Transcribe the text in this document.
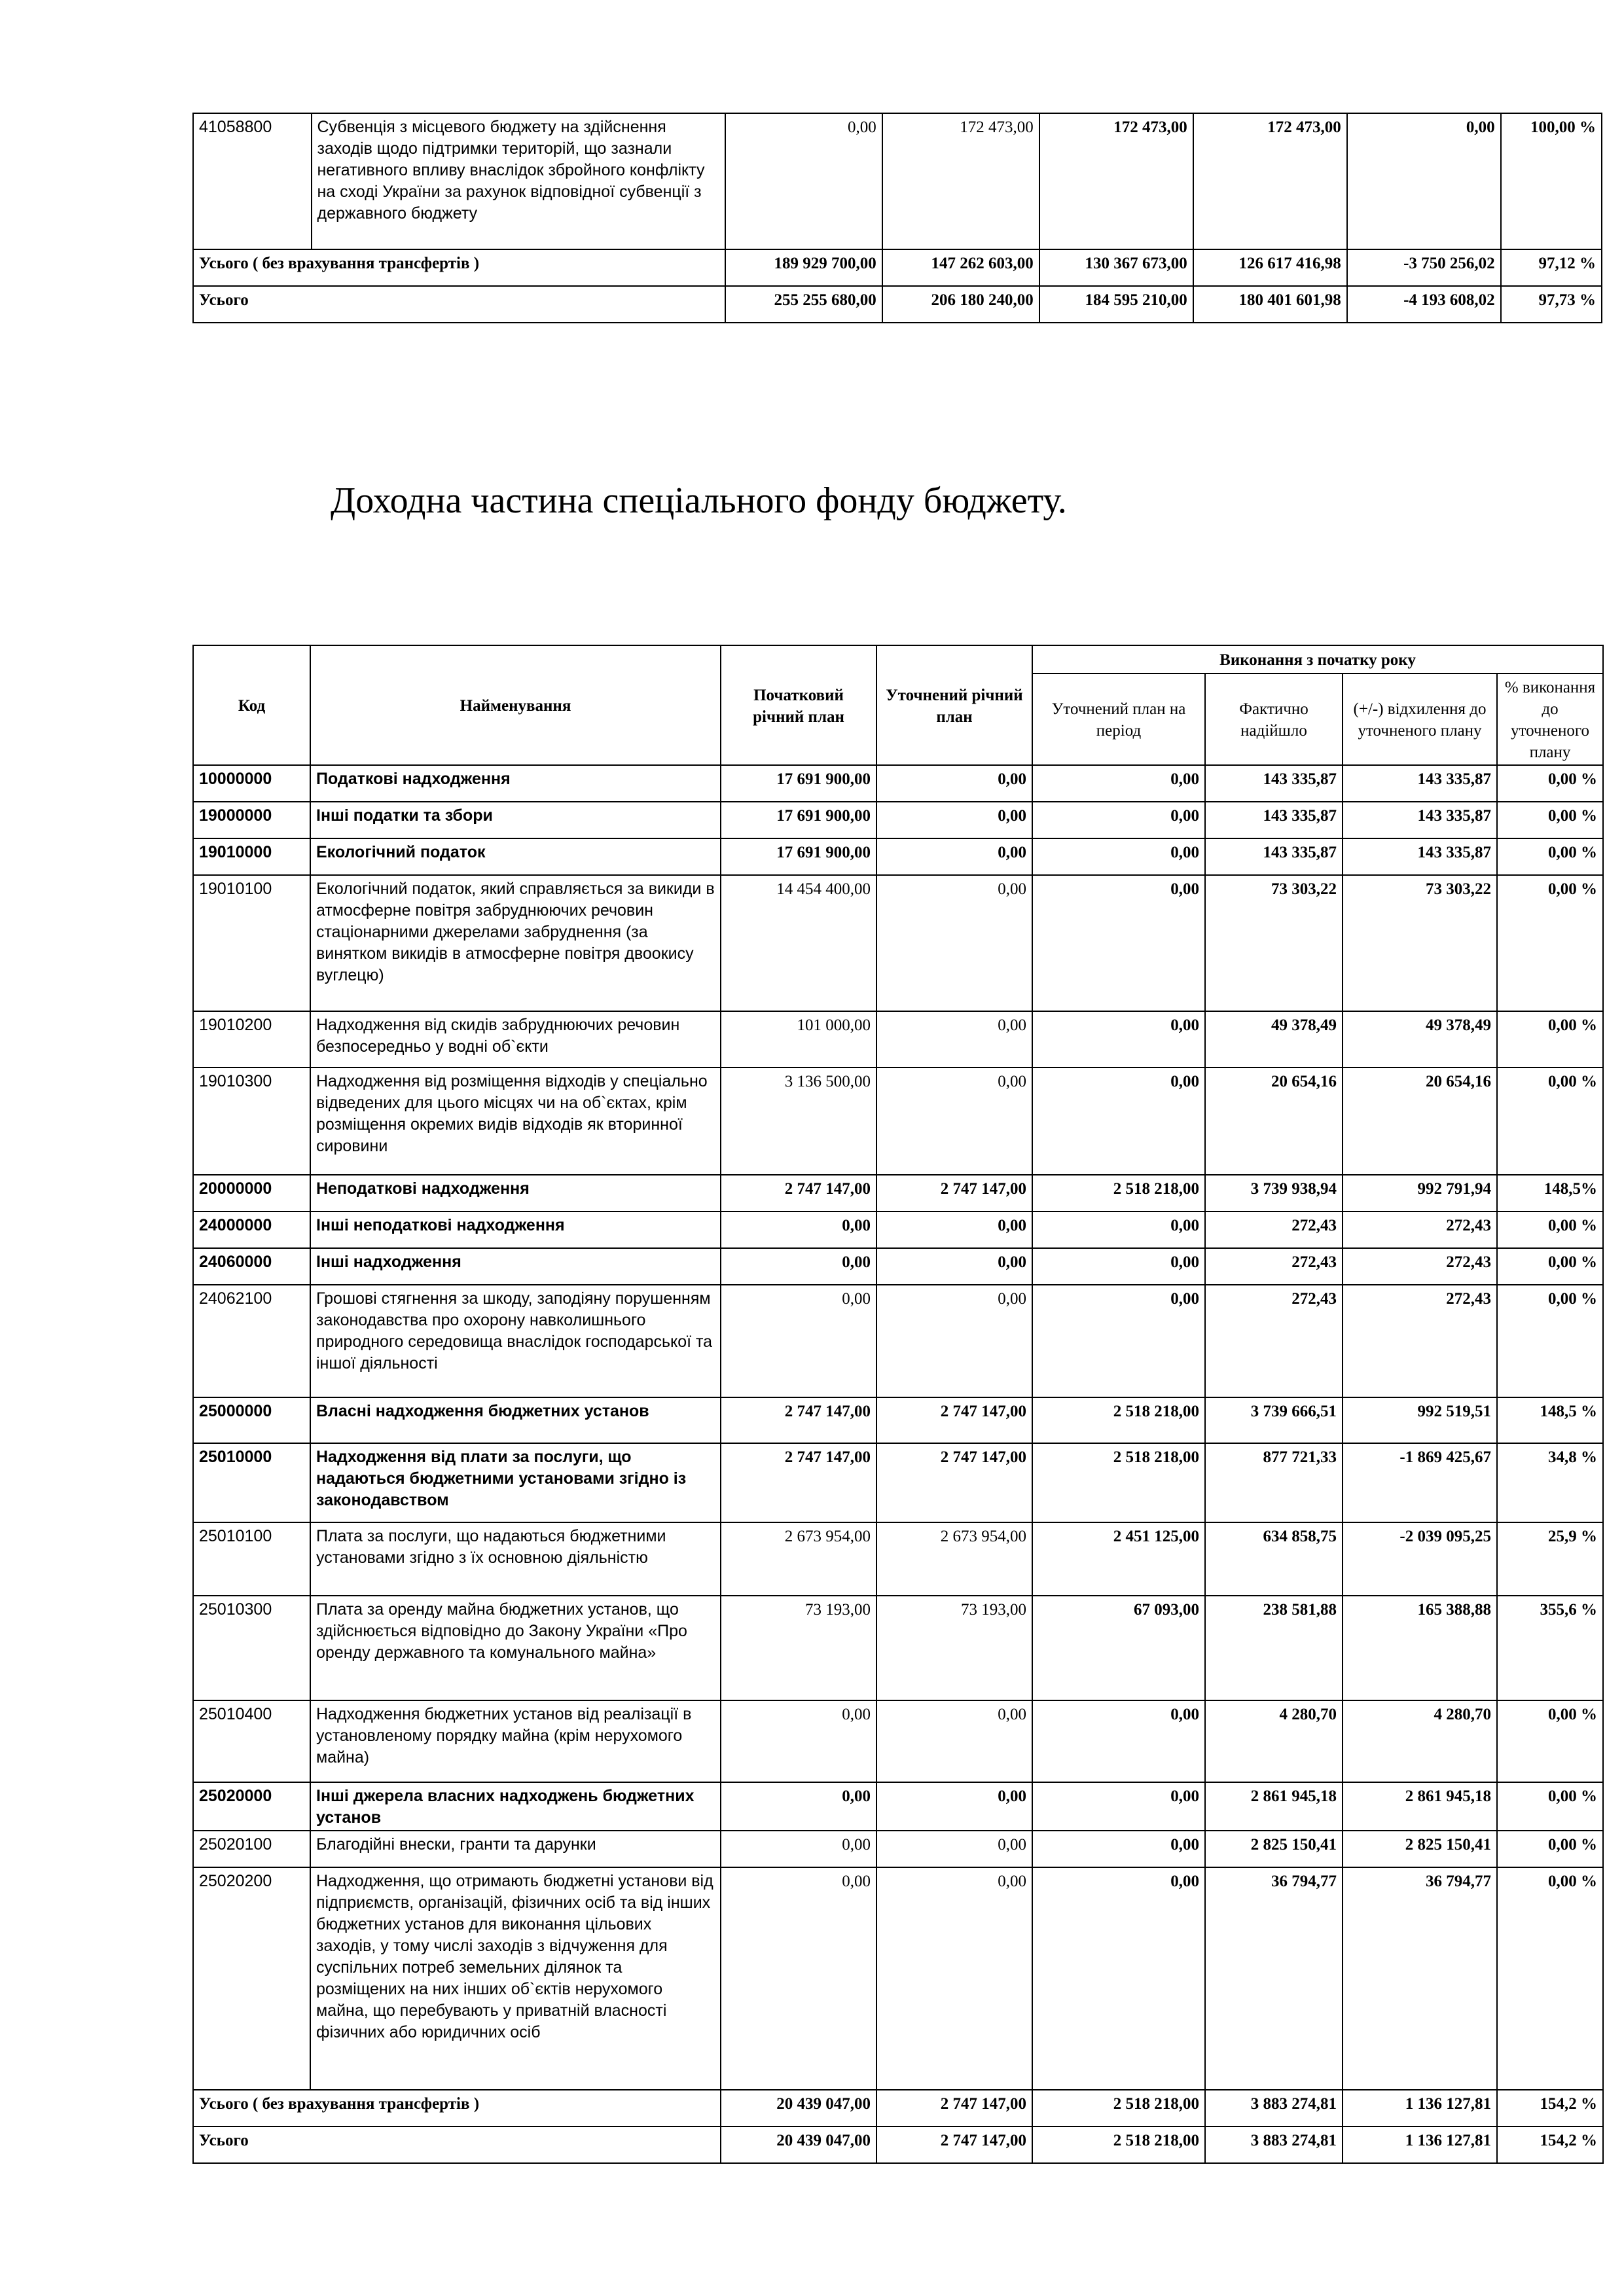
41058800	Субвенція з місцевого бюджету на здійснення заходів щодо підтримки територій, що зазнали негативного впливу внаслідок збройного конфлікту на сході України за рахунок відповідної субвенції з державного бюджету	0,00	172 473,00	172 473,00	172 473,00	0,00	100,00 %
Усього ( без врахування трансфертів )		189 929 700,00	147 262 603,00	130 367 673,00	126 617 416,98	-3 750 256,02	97,12 %
Усього		255 255 680,00	206 180 240,00	184 595 210,00	180 401 601,98	-4 193 608,02	97,73 %
Доходна частина спеціального фонду бюджету.
Код	Найменування	Початковий річний план	Уточнений річний план	Виконання з початку року			
				Уточнений план на період	Фактично надійшло	(+/-) відхилення до уточненого плану	% виконання до уточненого плану
10000000	Податкові надходження	17 691 900,00	0,00	0,00	143 335,87	143 335,87	0,00 %
19000000	Інші податки та збори	17 691 900,00	0,00	0,00	143 335,87	143 335,87	0,00 %
19010000	Екологічний податок	17 691 900,00	0,00	0,00	143 335,87	143 335,87	0,00 %
19010100	Екологічний податок, який справляється за викиди в атмосферне повітря забруднюючих речовин стаціонарними джерелами забруднення (за винятком викидів в атмосферне повітря двоокису вуглецю)	14 454 400,00	0,00	0,00	73 303,22	73 303,22	0,00 %
19010200	Надходження від скидів забруднюючих речовин безпосередньо у водні об`єкти	101 000,00	0,00	0,00	49 378,49	49 378,49	0,00 %
19010300	Надходження від розміщення відходів у спеціально відведених для цього місцях чи на об`єктах, крім розміщення окремих видів відходів як вторинної сировини	3 136 500,00	0,00	0,00	20 654,16	20 654,16	0,00 %
20000000	Неподаткові надходження	2 747 147,00	2 747 147,00	2 518 218,00	3 739 938,94	992 791,94	148,5%
24000000	Інші неподаткові надходження	0,00	0,00	0,00	272,43	272,43	0,00 %
24060000	Інші надходження	0,00	0,00	0,00	272,43	272,43	0,00 %
24062100	Грошові стягнення за шкоду, заподіяну порушенням законодавства про охорону навколишнього природного середовища внаслідок господарської та іншої діяльності	0,00	0,00	0,00	272,43	272,43	0,00 %
25000000	Власні надходження бюджетних установ	2 747 147,00	2 747 147,00	2 518 218,00	3 739 666,51	992 519,51	148,5 %
25010000	Надходження від плати за послуги, що надаються бюджетними установами згідно із законодавством	2 747 147,00	2 747 147,00	2 518 218,00	877 721,33	-1 869 425,67	34,8 %
25010100	Плата за послуги, що надаються бюджетними установами згідно з їх основною діяльністю	2 673 954,00	2 673 954,00	2 451 125,00	634 858,75	-2 039 095,25	25,9 %
25010300	Плата за оренду майна бюджетних установ, що здійснюється відповідно до Закону України «Про оренду державного та комунального майна»	73 193,00	73 193,00	67 093,00	238 581,88	165 388,88	355,6 %
25010400	Надходження бюджетних установ від реалізації в установленому порядку майна (крім нерухомого майна)	0,00	0,00	0,00	4 280,70	4 280,70	0,00 %
25020000	Інші джерела власних надходжень бюджетних установ	0,00	0,00	0,00	2 861 945,18	2 861 945,18	0,00 %
25020100	Благодійні внески, гранти та дарунки	0,00	0,00	0,00	2 825 150,41	2 825 150,41	0,00 %
25020200	Надходження, що отримають бюджетні установи від підприємств, організацій, фізичних осіб та від інших бюджетних установ для виконання цільових заходів, у тому числі заходів з відчуження для суспільних потреб земельних ділянок та розміщених на них інших об`єктів нерухомого майна, що перебувають у приватній власності фізичних або юридичних осіб	0,00	0,00	0,00	36 794,77	36 794,77	0,00 %
Усього ( без врахування трансфертів )		20 439 047,00	2 747 147,00	2 518 218,00	3 883 274,81	1 136 127,81	154,2 %
Усього		20 439 047,00	2 747 147,00	2 518 218,00	3 883 274,81	1 136 127,81	154,2 %
